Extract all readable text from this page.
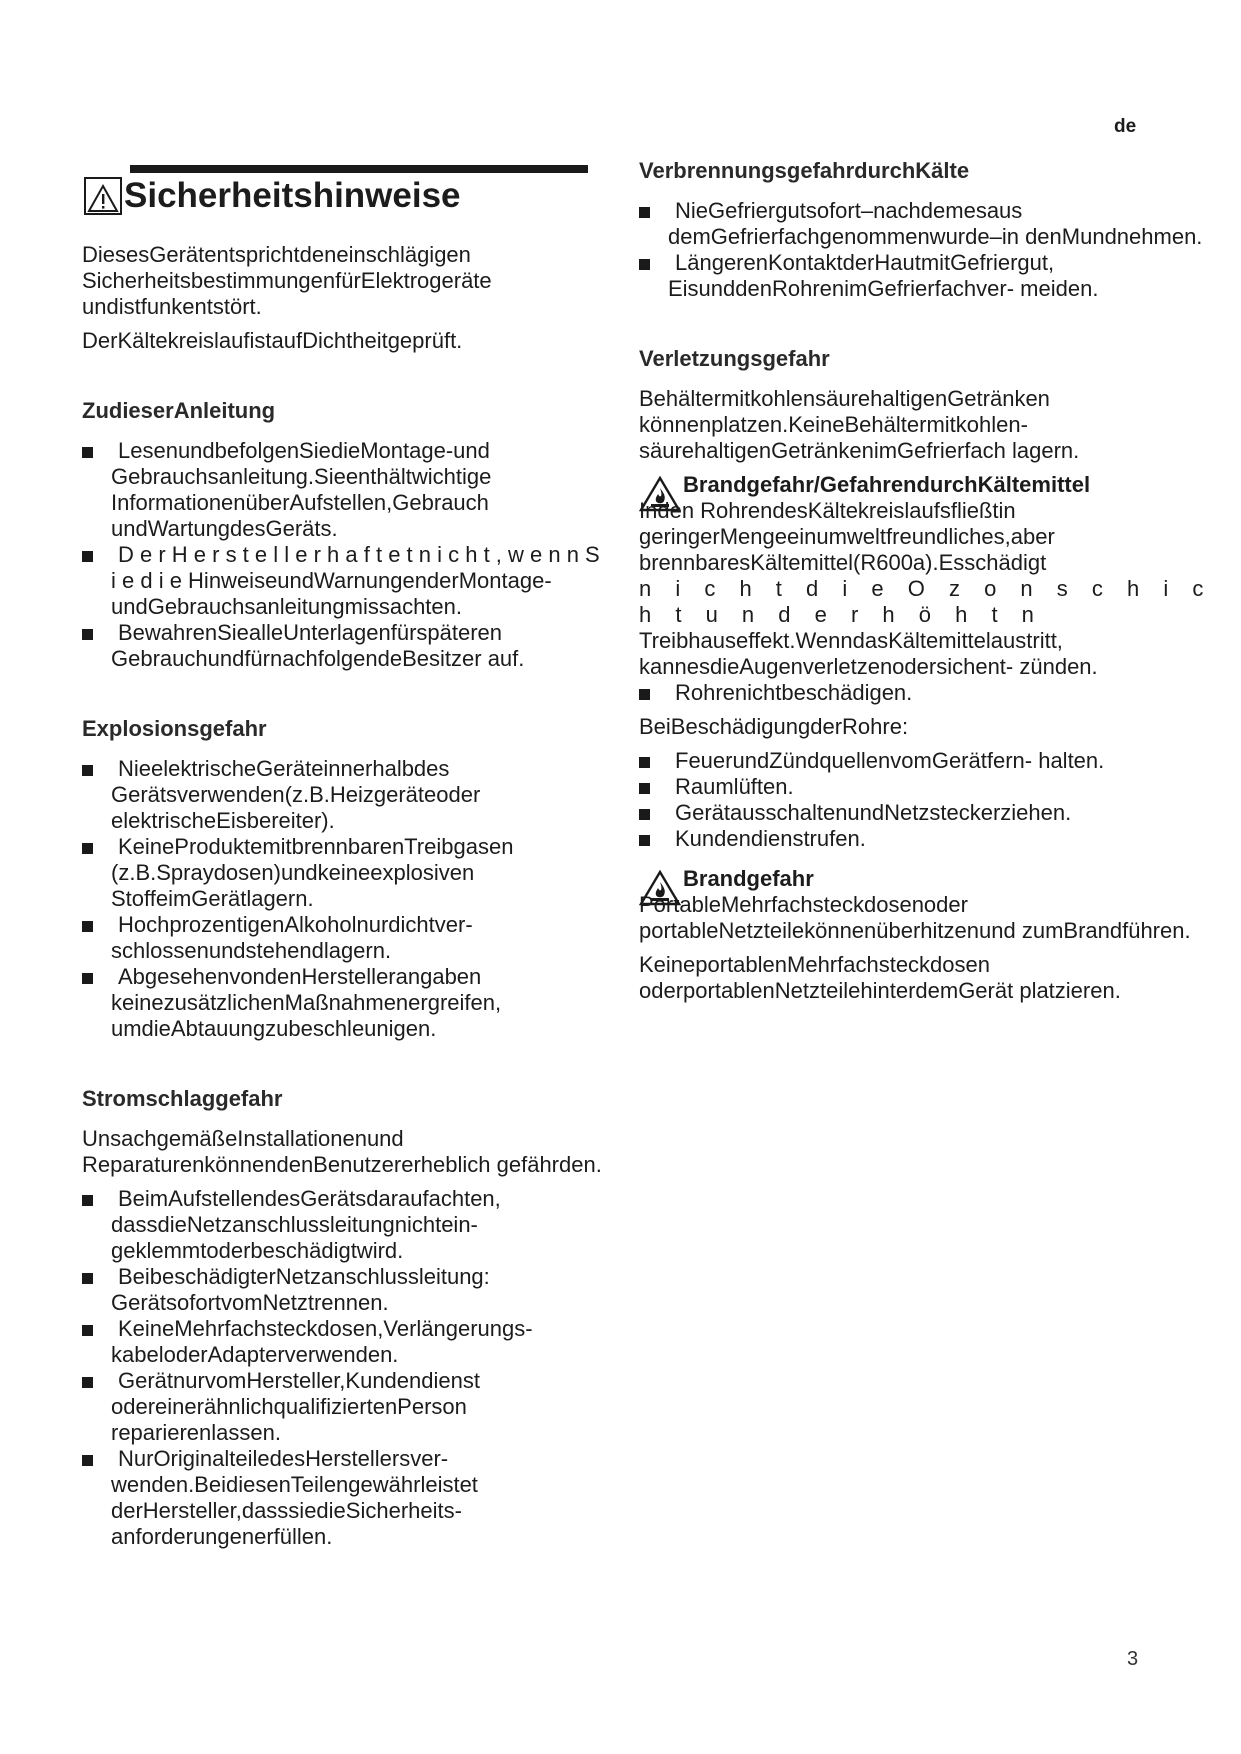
de
3
Sicherheitshinweise

DiesesGerätentsprichtdeneinschlägigen SicherheitsbestimmungenfürElektrogeräte undistfunkentstört.

DerKältekreislaufistaufDichtheitgeprüft.

ZudieserAnleitung
LesenundbefolgenSiedieMontage-und Gebrauchsanleitung.Sieenthältwichtige InformationenüberAufstellen,Gebrauch undWartungdesGeräts.
D e r H e r s t e l l e r h a f t e t n i c h t , w e n n S i e d i e HinweiseundWarnungenderMontage- undGebrauchsanleitungmissachten.
BewahrenSiealleUnterlagenfürspäteren GebrauchundfürnachfolgendeBesitzer auf.
Explosionsgefahr
NieelektrischeGeräteinnerhalbdes Gerätsverwenden(z.B.Heizgeräteoder elektrischeEisbereiter).
KeineProduktemitbrennbarenTreibgasen (z.B.Spraydosen)undkeineexplosiven StoffeimGerätlagern.
HochprozentigenAlkoholnurdichtver- schlossenundstehendlagern.
AbgesehenvondenHerstellerangaben keinezusätzlichenMaßnahmenergreifen, umdieAbtauungzubeschleunigen.
Stromschlaggefahr

UnsachgemäßeInstallationenund ReparaturenkönnendenBenutzererheblich gefährden.

BeimAufstellendesGerätsdaraufachten, dassdieNetzanschlussleitungnichtein- geklemmtoderbeschädigtwird.
BeibeschädigterNetzanschlussleitung: GerätsofortvomNetztrennen.
KeineMehrfachsteckdosen,Verlängerungs- kabeloderAdapterverwenden.
GerätnurvomHersteller,Kundendienst odereinerähnlichqualifiziertenPerson reparierenlassen.
NurOriginalteiledesHerstellersver- wenden.BeidiesenTeilengewährleistet derHersteller,dasssiedieSicherheits- anforderungenerfüllen.
VerbrennungsgefahrdurchKälte
NieGefriergutsofort–nachdemesaus demGefrierfachgenommenwurde–in denMundnehmen.
LängerenKontaktderHautmitGefriergut, EisunddenRohrenimGefrierfachver- meiden.
Verletzungsgefahr

BehältermitkohlensäurehaltigenGetränken könnenplatzen.KeineBehältermitkohlen- säurehaltigenGetränkenimGefrierfach lagern.

Brandgefahr/GefahrendurchKältemittel

Inden RohrendesKältekreislaufsfließtin geringerMengeeinumweltfreundliches,aber brennbaresKältemittel(R600a).Esschädigt

n i c h t d i e O z o n s c h i c h t u n d e r h ö h t n

Treibhauseffekt.WenndasKältemittelaustritt, kannesdieAugenverletzenodersichent- zünden.

Rohrenichtbeschädigen.

BeiBeschädigungderRohre:

FeuerundZündquellenvomGerätfern- halten.
Raumlüften.
GerätausschaltenundNetzsteckerziehen.
Kundendienstrufen.
Brandgefahr

PortableMehrfachsteckdosenoder portableNetzteilekönnenüberhitzenund zumBrandführen.

KeineportablenMehrfachsteckdosen oderportablenNetzteilehinterdemGerät platzieren.
